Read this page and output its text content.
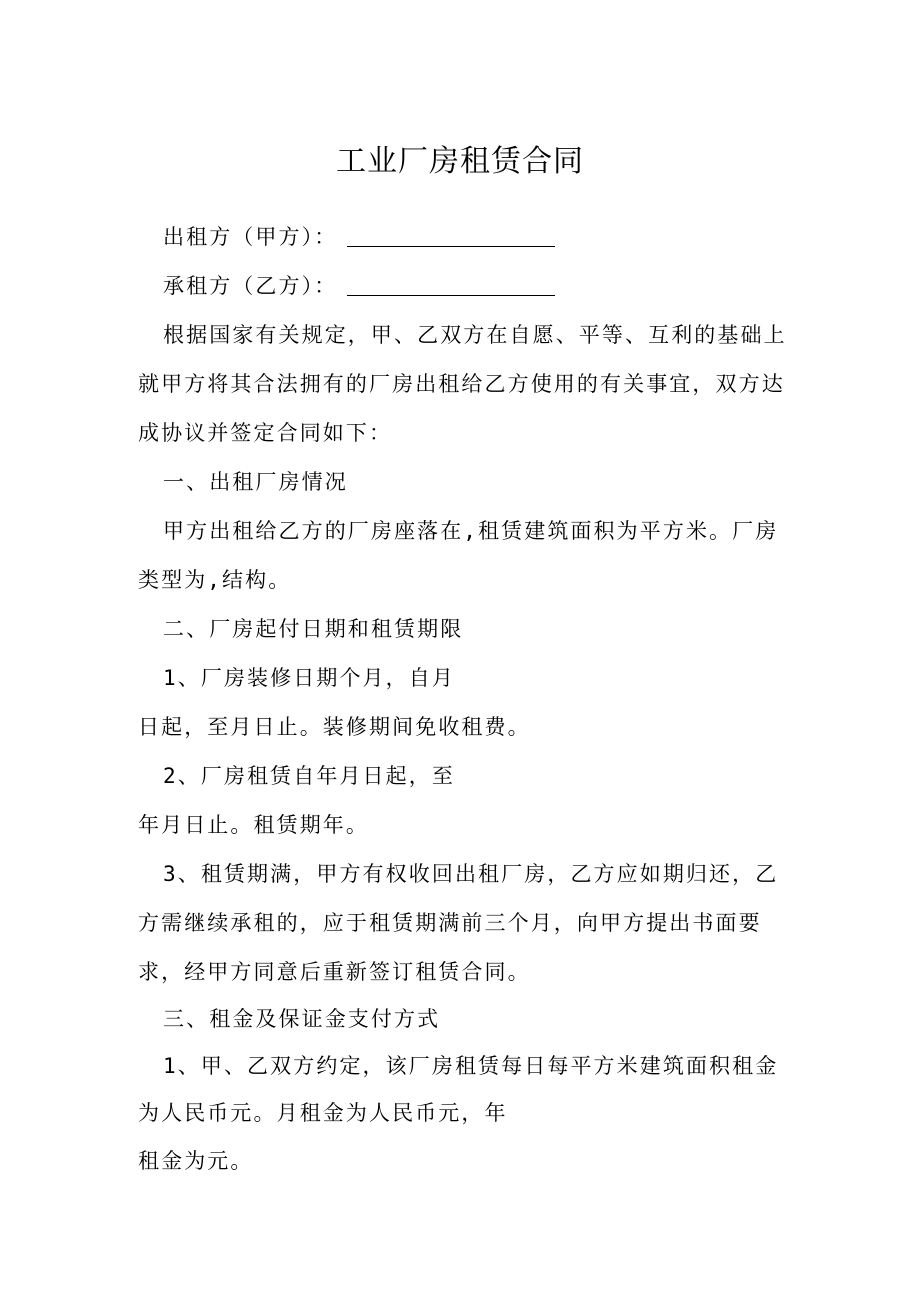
工业厂房租赁合同
出租方（甲方）：
承租方（乙方）：
根据国家有关规定，甲、乙双方在自愿、平等、互利的基础上
就甲方将其合法拥有的厂房出租给乙方使用的有关事宜，双方达
成协议并签定合同如下：
一、出租厂房情况
甲方出租给乙方的厂房座落在,租赁建筑面积为平方米。厂房
类型为,结构。
二、厂房起付日期和租赁期限
1、厂房装修日期个月，自月
日起，至月日止。装修期间免收租费。
2、厂房租赁自年月日起，至
年月日止。租赁期年。
3、租赁期满，甲方有权收回出租厂房，乙方应如期归还，乙
方需继续承租的，应于租赁期满前三个月，向甲方提出书面要
求，经甲方同意后重新签订租赁合同。
三、租金及保证金支付方式
1、甲、乙双方约定，该厂房租赁每日每平方米建筑面积租金
为人民币元。月租金为人民币元，年
租金为元。
